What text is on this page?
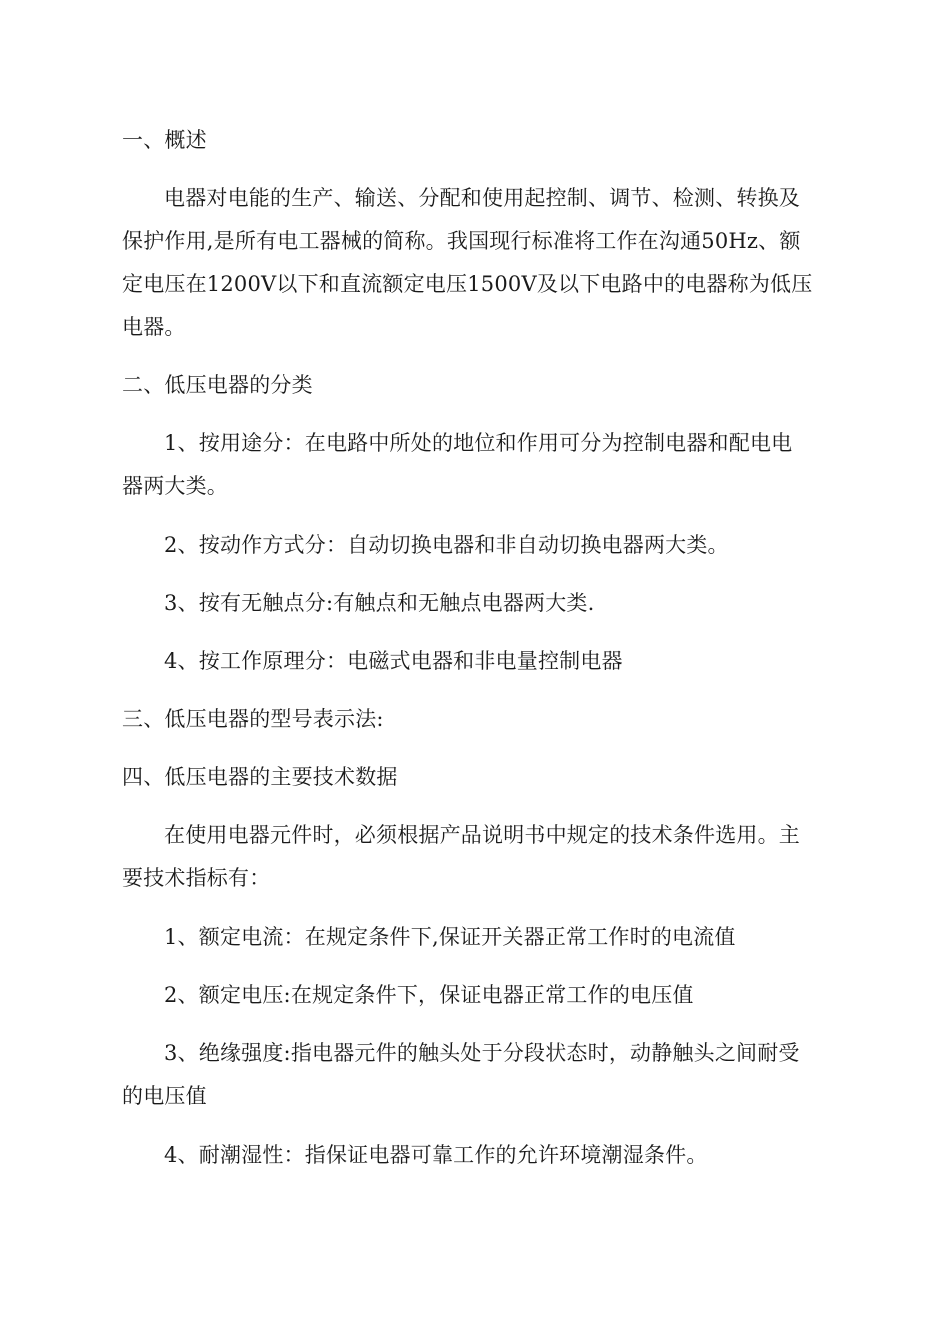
一、概述
电器对电能的生产、输送、分配和使用起控制、调节、检测、转换及
保护作用,是所有电工器械的简称。我国现行标准将工作在沟通50Hz、额
定电压在1200V以下和直流额定电压1500V及以下电路中的电器称为低压
电器。
二、低压电器的分类
1、按用途分：在电路中所处的地位和作用可分为控制电器和配电电
器两大类。
2、按动作方式分：自动切换电器和非自动切换电器两大类。
3、按有无触点分:有触点和无触点电器两大类.
4、按工作原理分：电磁式电器和非电量控制电器
三、低压电器的型号表示法:
四、低压电器的主要技术数据
在使用电器元件时，必须根据产品说明书中规定的技术条件选用。主
要技术指标有：
1、额定电流：在规定条件下,保证开关器正常工作时的电流值
2、额定电压:在规定条件下，保证电器正常工作的电压值
3、绝缘强度:指电器元件的触头处于分段状态时，动静触头之间耐受
的电压值
4、耐潮湿性：指保证电器可靠工作的允许环境潮湿条件。
